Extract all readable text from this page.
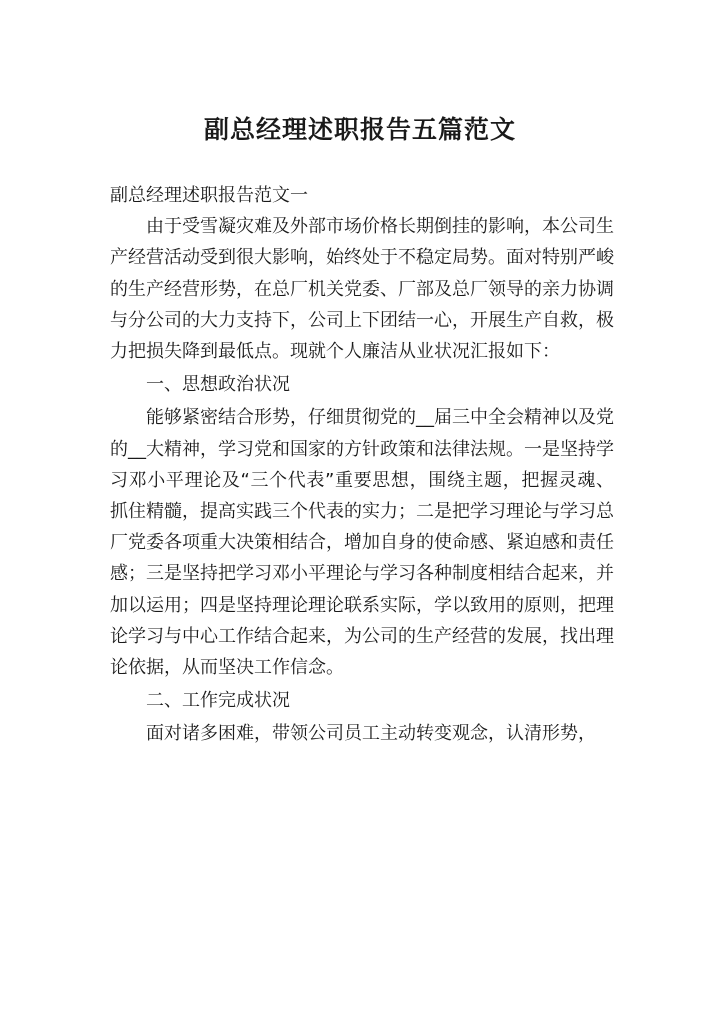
副总经理述职报告五篇范文

副总经理述职报告范文一

由于受雪凝灾难及外部市场价格长期倒挂的影响，本公司生产经营活动受到很大影响，始终处于不稳定局势。面对特别严峻的生产经营形势，在总厂机关党委、厂部及总厂领导的亲力协调与分公司的大力支持下，公司上下团结一心，开展生产自救，极力把损失降到最低点。现就个人廉洁从业状况汇报如下：

一、思想政治状况

能够紧密结合形势，仔细贯彻党的__届三中全会精神以及党的__大精神，学习党和国家的方针政策和法律法规。一是坚持学习邓小平理论及“三个代表”重要思想，围绕主题，把握灵魂、抓住精髓，提高实践三个代表的实力；二是把学习理论与学习总厂党委各项重大决策相结合，增加自身的使命感、紧迫感和责任感；三是坚持把学习邓小平理论与学习各种制度相结合起来，并加以运用；四是坚持理论理论联系实际，学以致用的原则，把理论学习与中心工作结合起来，为公司的生产经营的发展，找出理论依据，从而坚决工作信念。

二、工作完成状况

面对诸多困难，带领公司员工主动转变观念，认清形势，
